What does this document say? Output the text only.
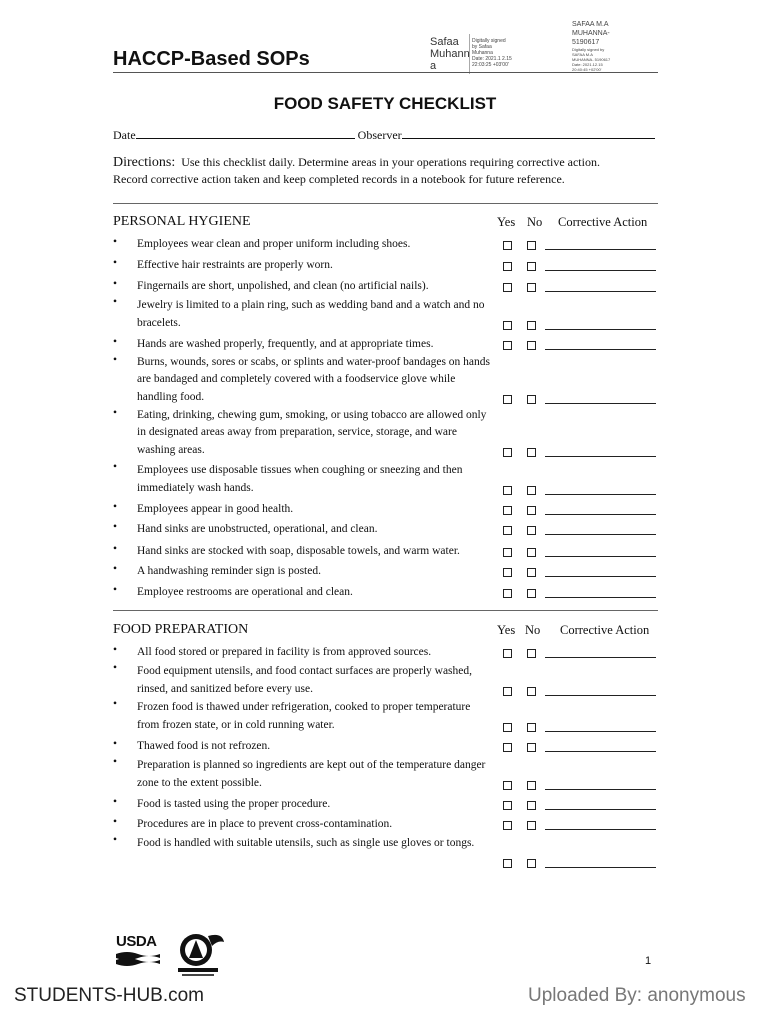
HACCP-Based SOPs
Safaa
Muhann
a
Digitally signed
by Safaa
Muhanna
Date: 2021.1 2.15
22:03:25 +03'00'
SAFAA M.A
MUHANNA-
5190617
Digitally signed by
SAFAA M.A
MUHANNA- 5190617
Date: 2021.12.15
20:40:45 +02'00'
FOOD SAFETY CHECKLIST
Date	Observer
Directions: Use this checklist daily. Determine areas in your operations requiring corrective action.
Record corrective action taken and keep completed records in a notebook for future reference.
PERSONAL HYGIENE	Yes No Corrective Action
• Employees wear clean and proper uniform including shoes.
• Effective hair restraints are properly worn.
• Fingernails are short, unpolished, and clean (no artificial nails).
• Jewelry is limited to a plain ring, such as wedding band and a watch and no bracelets.
• Hands are washed properly, frequently, and at appropriate times.
• Burns, wounds, sores or scabs, or splints and water-proof bandages on hands are bandaged and completely covered with a foodservice glove while handling food.
• Eating, drinking, chewing gum, smoking, or using tobacco are allowed only in designated areas away from preparation, service, storage, and ware washing areas.
• Employees use disposable tissues when coughing or sneezing and then immediately wash hands.
• Employees appear in good health.
• Hand sinks are unobstructed, operational, and clean.
• Hand sinks are stocked with soap, disposable towels, and warm water.
• A handwashing reminder sign is posted.
• Employee restrooms are operational and clean.
FOOD PREPARATION	Yes No Corrective Action
• All food stored or prepared in facility is from approved sources.
• Food equipment utensils, and food contact surfaces are properly washed, rinsed, and sanitized before every use.
• Frozen food is thawed under refrigeration, cooked to proper temperature from frozen state, or in cold running water.
• Thawed food is not refrozen.
• Preparation is planned so ingredients are kept out of the temperature danger zone to the extent possible.
• Food is tasted using the proper procedure.
• Procedures are in place to prevent cross-contamination.
• Food is handled with suitable utensils, such as single use gloves or tongs.
USDA
1
STUDENTS-HUB.com	Uploaded By: anonymous
